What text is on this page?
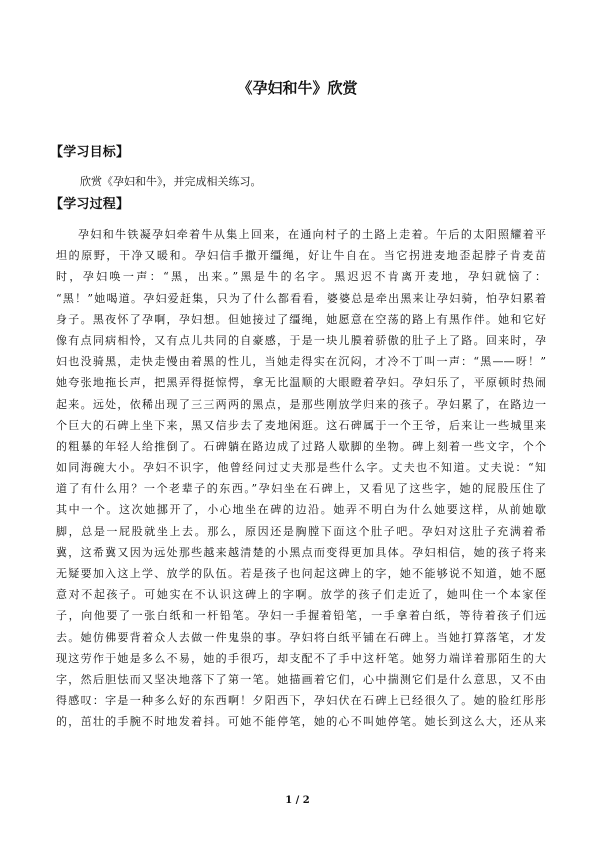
《孕妇和牛》欣赏
【学习目标】
欣赏《孕妇和牛》，并完成相关练习。
【学习过程】
孕妇和牛铁凝孕妇牵着牛从集上回来，在通向村子的土路上走着。午后的太阳照耀着平
坦的原野，干净又暖和。孕妇信手撒开缰绳，好让牛自在。当它拐进麦地歪起脖子肯麦苗
时，孕妇唤一声：“黑，出来。”黑是牛的名字。黑迟迟不肯离开麦地，孕妇就恼了：
“黑！”她喝道。孕妇爱赶集，只为了什么都看看，婆婆总是牵出黑来让孕妇骑，怕孕妇累着
身子。黑夜怀了孕啊，孕妇想。但她接过了缰绳，她愿意在空荡的路上有黑作伴。她和它好
像有点同病相怜，又有点儿共同的自豪感，于是一块儿膜着骄傲的肚子上了路。回来时，孕
妇也没骑黑，走快走慢由着黑的性儿，当她走得实在沉闷，才冷不丁叫一声：“黑——呀！”
她夸张地拖长声，把黑弄得挺惊愕，拿无比温顺的大眼瞪着孕妇。孕妇乐了，平原顿时热闹
起来。远处，依稀出现了三三两两的黑点，是那些刚放学归来的孩子。孕妇累了，在路边一
个巨大的石碑上坐下来，黑又信步去了麦地闲逛。这石碑属于一个王爷，后来让一些城里来
的粗暴的年轻人给推倒了。石碑躺在路边成了过路人歇脚的坐物。碑上刻着一些文字，个个
如同海碗大小。孕妇不识字，他曾经问过丈夫那是些什么字。丈夫也不知道。丈夫说：“知
道了有什么用？一个老辈子的东西。”孕妇坐在石碑上，又看见了这些字，她的屁股压住了
其中一个。这次她挪开了，小心地坐在碑的边沿。她弄不明白为什么她要这样，从前她歇
脚，总是一屁股就坐上去。那么，原因还是胸膛下面这个肚子吧。孕妇对这肚子充满着希
冀，这希冀又因为远处那些越来越清楚的小黑点而变得更加具体。孕妇相信，她的孩子将来
无疑要加入这上学、放学的队伍。若是孩子也问起这碑上的字，她不能够说不知道，她不愿
意对不起孩子。可她实在不认识这碑上的字啊。放学的孩子们走近了，她叫住一个本家侄
子，向他要了一张白纸和一杆铅笔。孕妇一手握着铅笔，一手拿着白纸，等待着孩子们远
去。她仿佛要背着众人去做一件鬼祟的事。孕妇将白纸平铺在石碑上。当她打算落笔，才发
现这劳作于她是多么不易，她的手很巧，却支配不了手中这杆笔。她努力端详着那陌生的大
字，然后胆怯而又坚决地落下了第一笔。她描画着它们，心中揣测它们是什么意思，又不由
得感叹：字是一种多么好的东西啊！夕阳西下，孕妇伏在石碑上已经很久了。她的脸红彤彤
的，茁壮的手腕不时地发着抖。可她不能停笔，她的心不叫她停笔。她长到这么大，还从来
1 / 2
